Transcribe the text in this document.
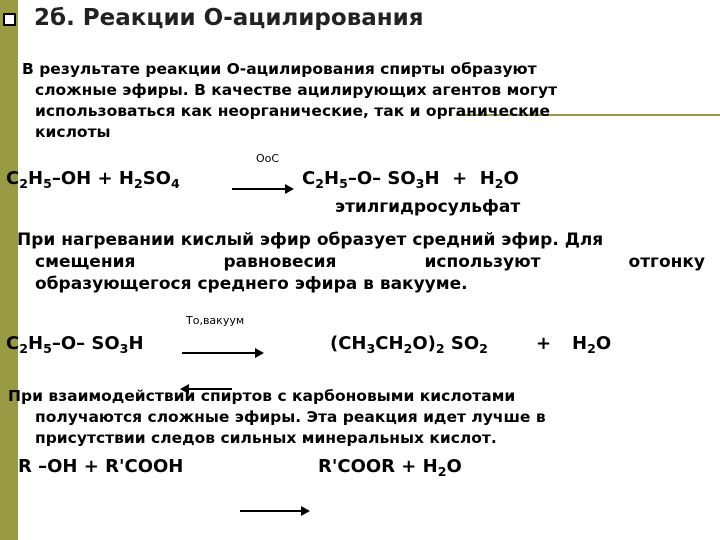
2б. Реакции О-ацилирования
В результате реакции О-ацилирования спирты образуют
сложные эфиры. В качестве ацилирующих агентов могут
использоваться как неорганические, так и органические
кислоты
ОоС
$C_2H_5-OH + H_2SO_4$	$C_2H_5-O-$ $SO_3H + H_2O$
этилгидросульфат
При нагревании кислый эфир образует средний эфир. Для
смещения равновесия используют отгонку
образующегося среднего эфира в вакууме.
То,вакуум
$C_2H_5-O-$ $SO_3H$	$(CH_3CH_2O)_2$ $SO_2$	+ $H_2O$
При взаимодействии спиртов с карбоновыми кислотами
получаются сложные эфиры. Эта реакция идет лучше в
присутствии следов сильных минеральных кислот.
R –OH + R'COOH	R'COOR + $H_2O$
